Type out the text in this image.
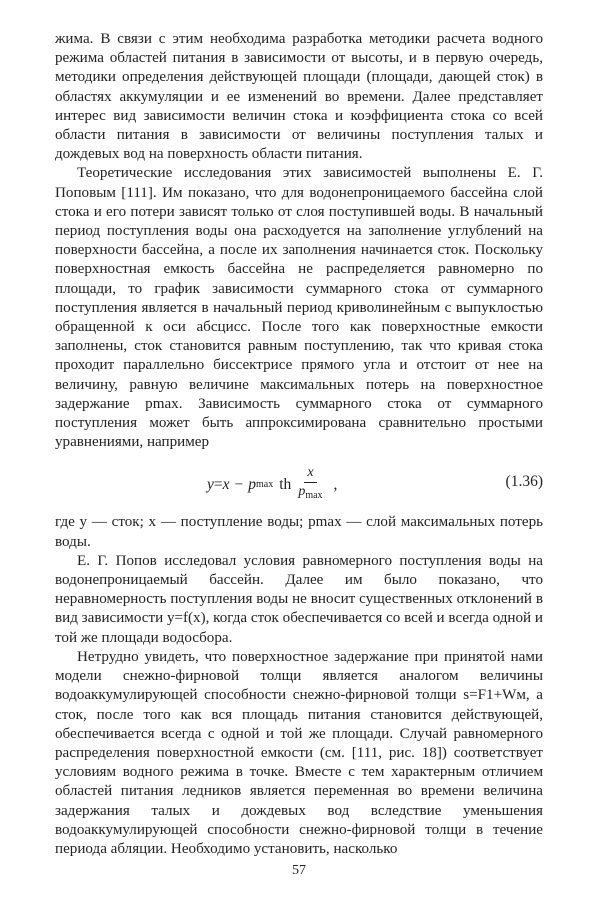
жима. В связи с этим необходима разработка методики расчета водного режима областей питания в зависимости от высоты, и в первую очередь, методики определения действующей площади (площади, дающей сток) в областях аккумуляции и ее изменений во времени. Далее представляет интерес вид зависимости величин стока и коэффициента стока со всей области питания в зависимости от величины поступления талых и дождевых вод на поверхность области питания.

Теоретические исследования этих зависимостей выполнены Е. Г. Поповым [111]. Им показано, что для водонепроницаемого бассейна слой стока и его потери зависят только от слоя поступившей воды. В начальный период поступления воды она расходуется на заполнение углублений на поверхности бассейна, а после их заполнения начинается сток. Поскольку поверхностная емкость бассейна не распределяется равномерно по площади, то график зависимости суммарного стока от суммарного поступления является в начальный период криволинейным с выпуклостью обращенной к оси абсцисс. После того как поверхностные емкости заполнены, сток становится равным поступлению, так что кривая стока проходит параллельно биссектрисе прямого угла и отстоит от нее на величину, равную величине максимальных потерь на поверхностное задержание pmax. Зависимость суммарного стока от суммарного поступления может быть аппроксимирована сравнительно простыми уравнениями, например

y = x − p max th $\frac{x}{p_{max}}$ ,	(1.36)

где y — сток; x — поступление воды; pmax — слой максимальных потерь воды.

Е. Г. Попов исследовал условия равномерного поступления воды на водонепроницаемый бассейн. Далее им было показано, что неравномерность поступления воды не вносит существенных отклонений в вид зависимости y=f(x), когда сток обеспечивается со всей и всегда одной и той же площади водосбора.

Нетрудно увидеть, что поверхностное задержание при принятой нами модели снежно-фирновой толщи является аналогом величины водоаккумулирующей способности снежно-фирновой толщи s=F1+Wм, а сток, после того как вся площадь питания становится действующей, обеспечивается всегда с одной и той же площади. Случай равномерного распределения поверхностной емкости (см. [111, рис. 18]) соответствует условиям водного режима в точке. Вместе с тем характерным отличием областей питания ледников является переменная во времени величина задержания талых и дождевых вод вследствие уменьшения водоаккумулирующей способности снежно-фирновой толщи в течение периода абляции. Необходимо установить, насколько

57
